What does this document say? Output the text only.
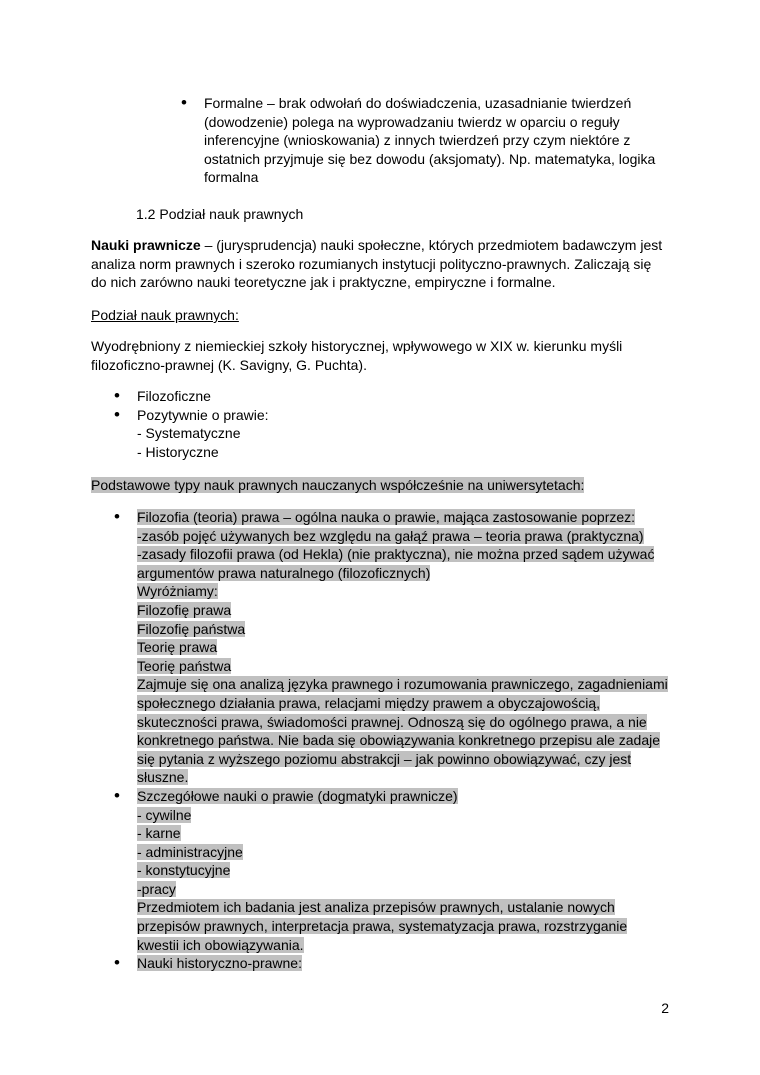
• Formalne – brak odwołań do doświadczenia, uzasadnianie twierdzeń
(dowodzenie) polega na wyprowadzaniu twierdz w oparciu o reguły
inferencyjne (wnioskowania) z innych twierdzeń przy czym niektóre z
ostatnich przyjmuje się bez dowodu (aksjomaty). Np. matematyka, logika
formalna

1.2 Podział nauk prawnych

Nauki prawnicze – (jurysprudencja) nauki społeczne, których przedmiotem badawczym jest
analiza norm prawnych i szeroko rozumianych instytucji polityczno-prawnych. Zaliczają się
do nich zarówno nauki teoretyczne jak i praktyczne, empiryczne i formalne.

Podział nauk prawnych:

Wyodrębniony z niemieckiej szkoły historycznej, wpływowego w XIX w. kierunku myśli
filozoficzno-prawnej (K. Savigny, G. Puchta).

• Filozoficzne
• Pozytywnie o prawie:
- Systematyczne
- Historyczne

Podstawowe typy nauk prawnych nauczanych współcześnie na uniwersytetach:

• Filozofia (teoria) prawa – ogólna nauka o prawie, mająca zastosowanie poprzez:
-zasób pojęć używanych bez względu na gałąź prawa – teoria prawa (praktyczna)
-zasady filozofii prawa (od Hekla) (nie praktyczna), nie można przed sądem używać
argumentów prawa naturalnego (filozoficznych)
Wyróżniamy:
Filozofię prawa
Filozofię państwa
Teorię prawa
Teorię państwa
Zajmuje się ona analizą języka prawnego i rozumowania prawniczego, zagadnieniami
społecznego działania prawa, relacjami między prawem a obyczajowością,
skuteczności prawa, świadomości prawnej. Odnoszą się do ogólnego prawa, a nie
konkretnego państwa. Nie bada się obowiązywania konkretnego przepisu ale zadaje
się pytania z wyższego poziomu abstrakcji – jak powinno obowiązywać, czy jest
słuszne.
• Szczegółowe nauki o prawie (dogmatyki prawnicze)
- cywilne
- karne
- administracyjne
- konstytucyjne
-pracy
Przedmiotem ich badania jest analiza przepisów prawnych, ustalanie nowych
przepisów prawnych, interpretacja prawa, systematyzacja prawa, rozstrzyganie
kwestii ich obowiązywania.
• Nauki historyczno-prawne:
2
